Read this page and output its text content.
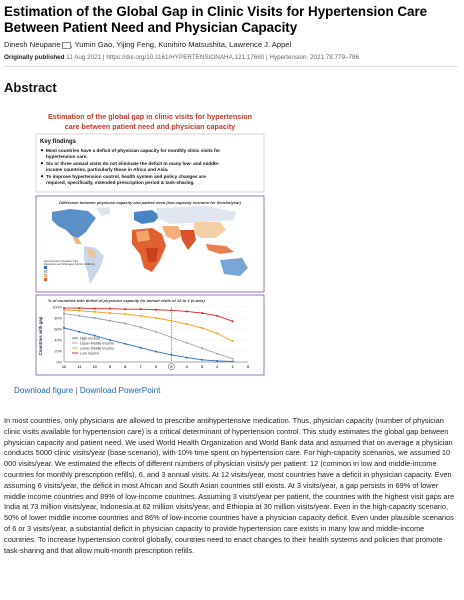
Estimation of the Global Gap in Clinic Visits for Hypertension Care Between Patient Need and Physician Capacity
Dinesh Neupane , Yumin Gao, Yijing Feng, Kunihiro Matsushita, Lawrence J. Appel
Originally published 11 Aug 2021 | https://doi.org/10.1161/HYPERTENSIONAHA.121.17660 | Hypertension. 2021;78:779–786
Abstract
Estimation of the global gap in clinic visits for hypertension
care between patient need and physician capacity
Key findings
Most countries have a deficit of physician capacity for monthly clinic visits for
hypertension care.
Six or three annual visits do not eliminate the deficit in many low- and middle-
income countries, particularly those in Africa and Asia.
To improve hypertension control, health system and policy changes are
required, specifically, extended prescription period & task-sharing.
Difference between physician capacity and patient need (low-capacity scenario for 5/visits/year)
Hypertension Outpatient Care
Resources and Shortages (Visits in Millions)
% of countries with deficit of physician capacity for annual visits of 12 to 1 (x-axis)
Countries with gap
100%
80%
60%
40%
20%
0%
12	11	10	9	8	7	6	5	4	3	2	1	0
High income
Upper Middle Income
Lower Middle Income
Low Income
Download figure | Download PowerPoint
In most countries, only physicians are allowed to prescribe antihypertensive medication. Thus, physician capacity (number of physician clinic visits available for hypertension care) is a critical determinant of hypertension control. This study estimates the global gap between physician capacity and patient need. We used World Health Organization and World Bank data and assumed that on average a physician conducts 5000 clinic visits/year (base scenario), with 10% time spent on hypertension care. For high-capacity scenarios, we assumed 10 000 visits/year. We estimated the effects of different numbers of physician visits/y per patient: 12 (common in low and middle-income countries for monthly prescription refills), 6, and 3 annual visits. At 12 visits/year, most countries have a deficit in physician capacity. Even assuming 6 visits/year, the deficit in most African and South Asian countries still exists. At 3 visits/year, a gap persists in 69% of lower middle income countries and 89% of low-income countries. Assuming 3 visits/year per patient, the countries with the highest visit gaps are India at 73 million visits/year, Indonesia at 62 million visits/year, and Ethiopia at 30 million visits/year. Even in the high-capacity scenario, 50% of lower middle income countries and 86% of low-income countries have a physician capacity deficit. Even under plausible scenarios of 6 or 3 visits/year, a substantial deficit in physician capacity to provide hypertension care exists in many low and middle-income countries. To increase hypertension control globally, countries need to enact changes to their health systems and policies that promote task-sharing and that allow multi-month prescription refills.
